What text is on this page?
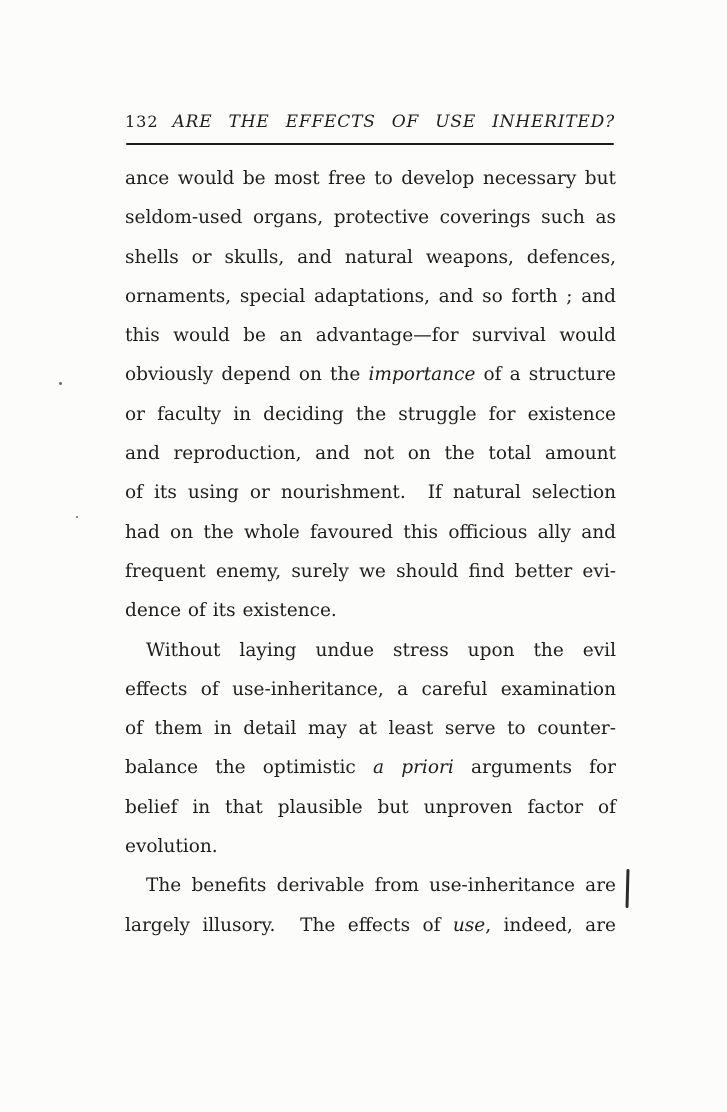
132 ARE THE EFFECTS OF USE INHERITED?
ance would be most free to develop necessary but
seldom-used organs, protective coverings such as
shells or skulls, and natural weapons, defences,
ornaments, special adaptations, and so forth ; and
this would be an advantage—for survival would
obviously depend on the importance of a structure
or faculty in deciding the struggle for existence
and reproduction, and not on the total amount
of its using or nourishment.  If natural selection
had on the whole favoured this officious ally and
frequent enemy, surely we should find better evi-
dence of its existence.
Without laying undue stress upon the evil
effects of use-inheritance, a careful examination
of them in detail may at least serve to counter-
balance the optimistic a priori arguments for
belief in that plausible but unproven factor of
evolution.
The benefits derivable from use-inheritance are
largely illusory.  The effects of use, indeed, are
